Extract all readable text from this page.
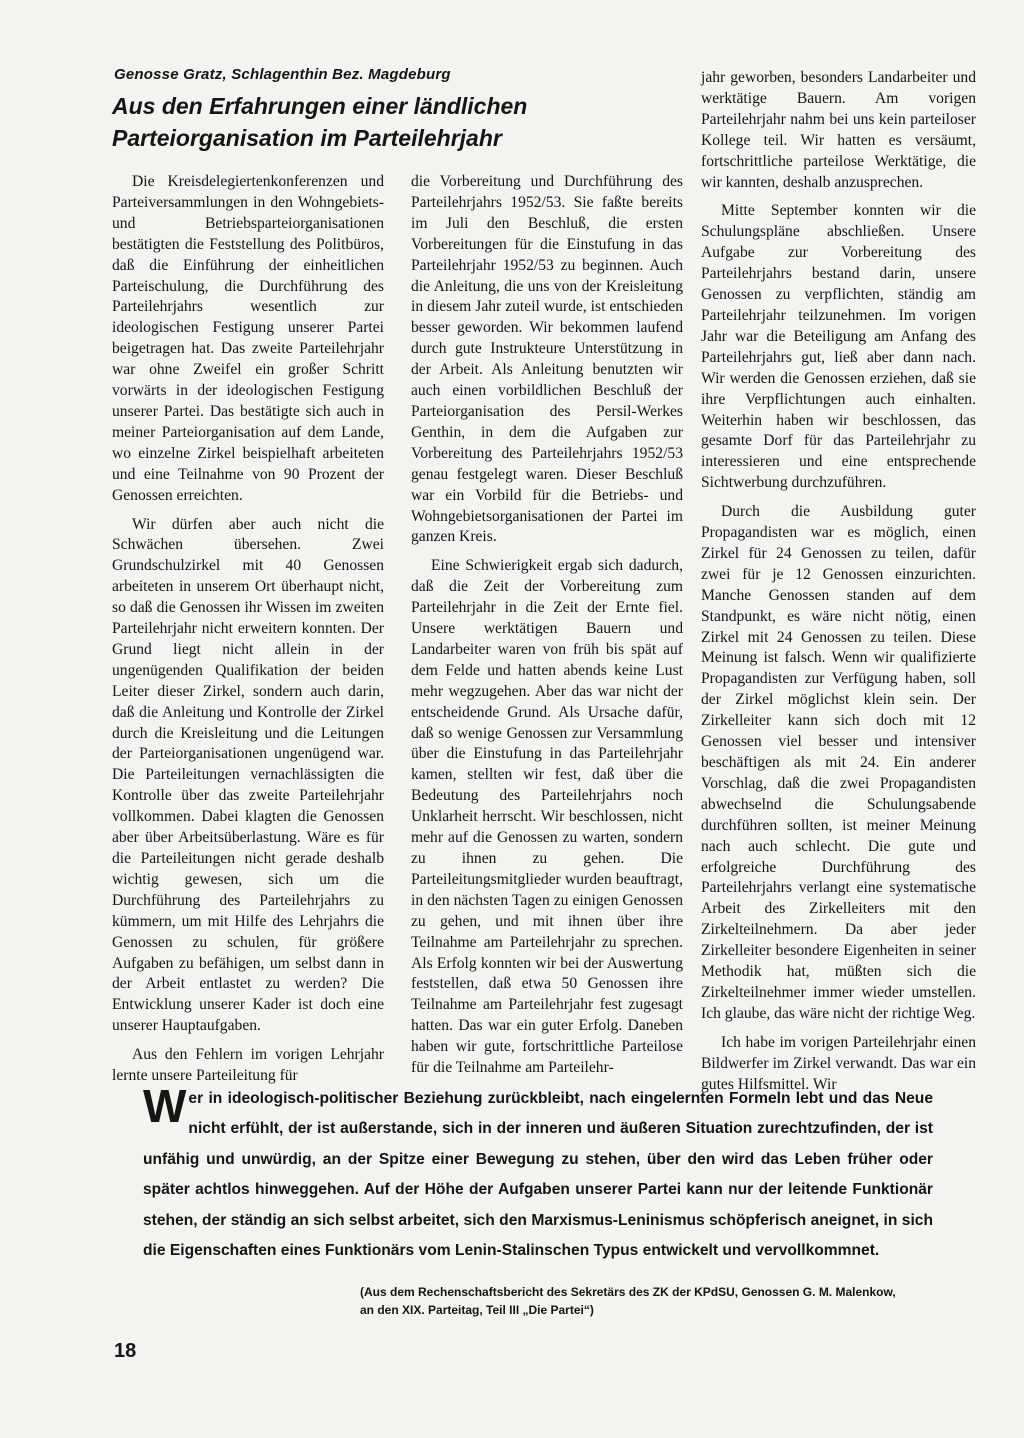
Genosse Gratz, Schlagenthin Bez. Magdeburg
Aus den Erfahrungen einer ländlichen Parteiorganisation im Parteilehrjahr

Die Kreisdelegiertenkonferenzen und Parteiversammlungen in den Wohngebiets- und Betriebsparteiorganisationen bestätigten die Feststellung des Politbüros, daß die Einführung der einheitlichen Parteischulung, die Durchführung des Parteilehrjahrs wesentlich zur ideologischen Festigung unserer Partei beigetragen hat. Das zweite Parteilehrjahr war ohne Zweifel ein großer Schritt vorwärts in der ideologischen Festigung unserer Partei. Das bestätigte sich auch in meiner Parteiorganisation auf dem Lande, wo einzelne Zirkel beispielhaft arbeiteten und eine Teilnahme von 90 Prozent der Genossen erreichten.

Wir dürfen aber auch nicht die Schwächen übersehen. Zwei Grundschulzirkel mit 40 Genossen arbeiteten in unserem Ort überhaupt nicht, so daß die Genossen ihr Wissen im zweiten Parteilehrjahr nicht erweitern konnten. Der Grund liegt nicht allein in der ungenügenden Qualifikation der beiden Leiter dieser Zirkel, sondern auch darin, daß die Anleitung und Kontrolle der Zirkel durch die Kreisleitung und die Leitungen der Parteiorganisationen ungenügend war. Die Parteileitungen vernachlässigten die Kontrolle über das zweite Parteilehrjahr vollkommen. Dabei klagten die Genossen aber über Arbeitsüberlastung. Wäre es für die Parteileitungen nicht gerade deshalb wichtig gewesen, sich um die Durchführung des Parteilehrjahrs zu kümmern, um mit Hilfe des Lehrjahrs die Genossen zu schulen, für größere Aufgaben zu befähigen, um selbst dann in der Arbeit entlastet zu werden? Die Entwicklung unserer Kader ist doch eine unserer Hauptaufgaben.

Aus den Fehlern im vorigen Lehrjahr lernte unsere Parteileitung für

die Vorbereitung und Durchführung des Parteilehrjahrs 1952/53. Sie faßte bereits im Juli den Beschluß, die ersten Vorbereitungen für die Einstufung in das Parteilehrjahr 1952/53 zu beginnen. Auch die Anleitung, die uns von der Kreisleitung in diesem Jahr zuteil wurde, ist entschieden besser geworden. Wir bekommen laufend durch gute Instrukteure Unterstützung in der Arbeit. Als Anleitung benutzten wir auch einen vorbildlichen Beschluß der Parteiorganisation des Persil-Werkes Genthin, in dem die Aufgaben zur Vorbereitung des Parteilehrjahrs 1952/53 genau festgelegt waren. Dieser Beschluß war ein Vorbild für die Betriebs- und Wohngebietsorganisationen der Partei im ganzen Kreis.

Eine Schwierigkeit ergab sich dadurch, daß die Zeit der Vorbereitung zum Parteilehrjahr in die Zeit der Ernte fiel. Unsere werktätigen Bauern und Landarbeiter waren von früh bis spät auf dem Felde und hatten abends keine Lust mehr wegzugehen. Aber das war nicht der entscheidende Grund. Als Ursache dafür, daß so wenige Genossen zur Versammlung über die Einstufung in das Parteilehrjahr kamen, stellten wir fest, daß über die Bedeutung des Parteilehrjahrs noch Unklarheit herrscht. Wir beschlossen, nicht mehr auf die Genossen zu warten, sondern zu ihnen zu gehen. Die Parteileitungsmitglieder wurden beauftragt, in den nächsten Tagen zu einigen Genossen zu gehen, und mit ihnen über ihre Teilnahme am Parteilehrjahr zu sprechen. Als Erfolg konnten wir bei der Auswertung feststellen, daß etwa 50 Genossen ihre Teilnahme am Parteilehrjahr fest zugesagt hatten. Das war ein guter Erfolg. Daneben haben wir gute, fortschrittliche Parteilose für die Teilnahme am Parteilehr-

jahr geworben, besonders Landarbeiter und werktätige Bauern. Am vorigen Parteilehrjahr nahm bei uns kein parteiloser Kollege teil. Wir hatten es versäumt, fortschrittliche parteilose Werktätige, die wir kannten, deshalb anzusprechen.

Mitte September konnten wir die Schulungspläne abschließen. Unsere Aufgabe zur Vorbereitung des Parteilehrjahrs bestand darin, unsere Genossen zu verpflichten, ständig am Parteilehrjahr teilzunehmen. Im vorigen Jahr war die Beteiligung am Anfang des Parteilehrjahrs gut, ließ aber dann nach. Wir werden die Genossen erziehen, daß sie ihre Verpflichtungen auch einhalten. Weiterhin haben wir beschlossen, das gesamte Dorf für das Parteilehrjahr zu interessieren und eine entsprechende Sichtwerbung durchzuführen.

Durch die Ausbildung guter Propagandisten war es möglich, einen Zirkel für 24 Genossen zu teilen, dafür zwei für je 12 Genossen einzurichten. Manche Genossen standen auf dem Standpunkt, es wäre nicht nötig, einen Zirkel mit 24 Genossen zu teilen. Diese Meinung ist falsch. Wenn wir qualifizierte Propagandisten zur Verfügung haben, soll der Zirkel möglichst klein sein. Der Zirkelleiter kann sich doch mit 12 Genossen viel besser und intensiver beschäftigen als mit 24. Ein anderer Vorschlag, daß die zwei Propagandisten abwechselnd die Schulungsabende durchführen sollten, ist meiner Meinung nach auch schlecht. Die gute und erfolgreiche Durchführung des Parteilehrjahrs verlangt eine systematische Arbeit des Zirkelleiters mit den Zirkelteilnehmern. Da aber jeder Zirkelleiter besondere Eigenheiten in seiner Methodik hat, müßten sich die Zirkelteilnehmer immer wieder umstellen. Ich glaube, das wäre nicht der richtige Weg.

Ich habe im vorigen Parteilehrjahr einen Bildwerfer im Zirkel verwandt. Das war ein gutes Hilfsmittel. Wir

Wer in ideologisch-politischer Beziehung zurückbleibt, nach eingelernten Formeln lebt und das Neue nicht erfühlt, der ist außerstande, sich in der inneren und äußeren Situation zurechtzufinden, der ist unfähig und unwürdig, an der Spitze einer Bewegung zu stehen, über den wird das Leben früher oder später achtlos hinweggehen. Auf der Höhe der Aufgaben unserer Partei kann nur der leitende Funktionär stehen, der ständig an sich selbst arbeitet, sich den Marxismus-Leninismus schöpferisch aneignet, in sich die Eigenschaften eines Funktionärs vom Lenin-Stalinschen Typus entwickelt und vervollkommnet.

(Aus dem Rechenschaftsbericht des Sekretärs des ZK der KPdSU, Genossen G. M. Malenkow,
an den XIX. Parteitag, Teil III „Die Partei“)
18
